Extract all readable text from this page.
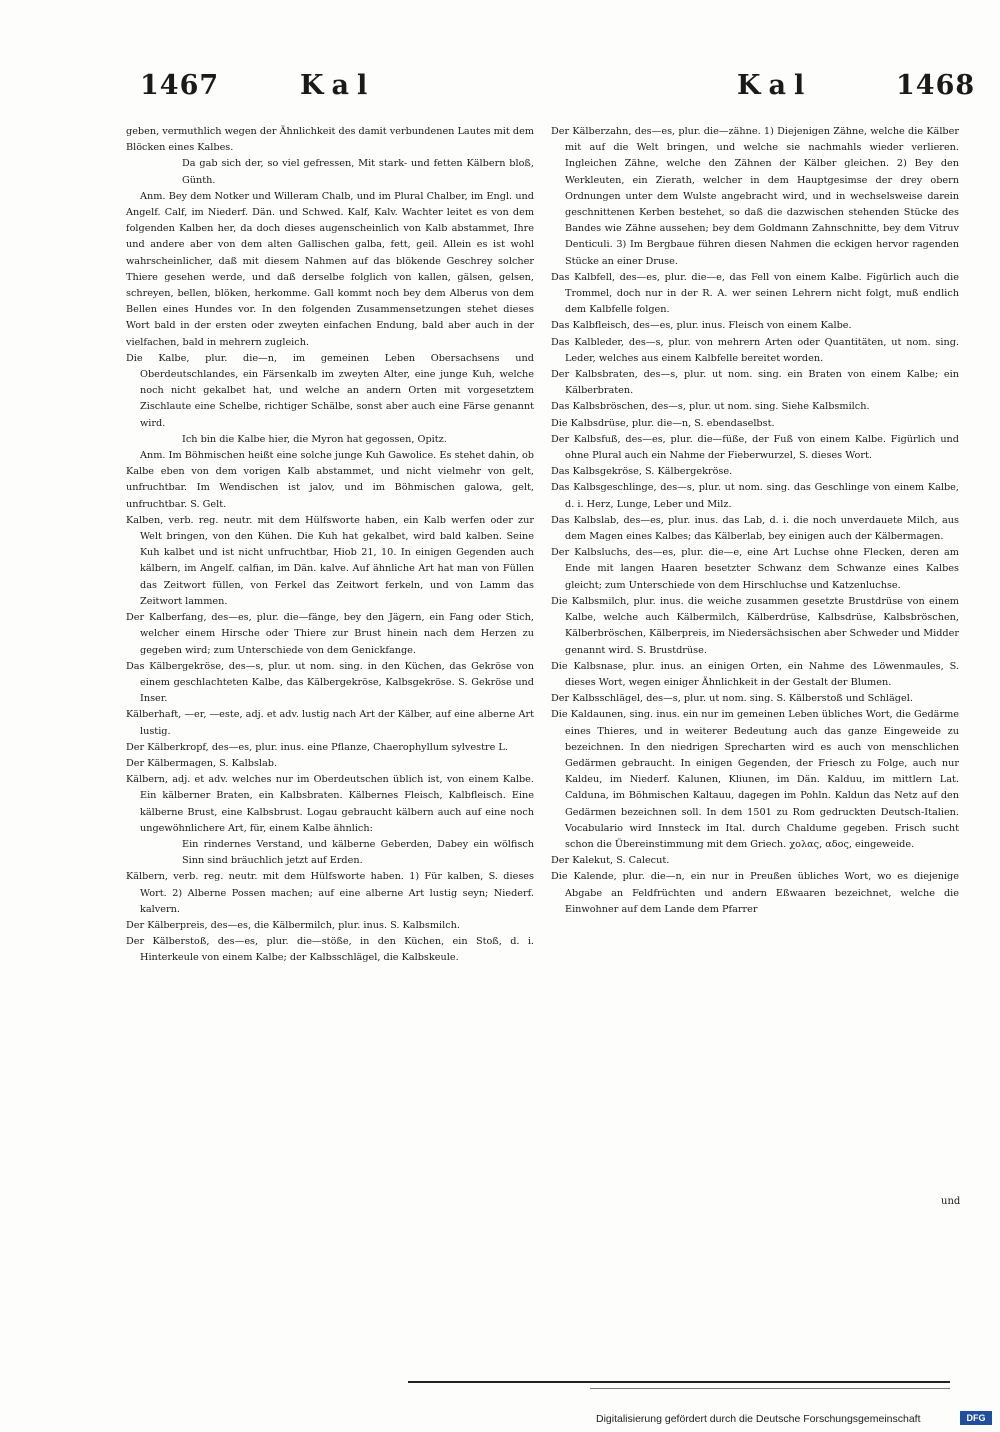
1467	Kal	Kal	1468

geben, vermuthlich wegen der Ähnlichkeit des damit verbundenen Lautes mit dem Blöcken eines Kalbes.

Da gab sich der, so viel gefressen, Mit stark- und fetten Kälbern bloß, Günth.

Anm. Bey dem Notker und Willeram Chalb, und im Plural Chalber, im Engl. und Angelf. Calf, im Niederf. Dän. und Schwed. Kalf, Kalv. Wachter leitet es von dem folgenden Kalben her, da doch dieses augenscheinlich von Kalb abstammet, Ihre und andere aber von dem alten Gallischen galba, fett, geil. Allein es ist wohl wahrscheinlicher, daß mit diesem Nahmen auf das blökende Geschrey solcher Thiere gesehen werde, und daß derselbe folglich von kallen, gälsen, gelsen, schreyen, bellen, blöken, herkomme. Gall kommt noch bey dem Alberus von dem Bellen eines Hundes vor. In den folgenden Zusammensetzungen stehet dieses Wort bald in der ersten oder zweyten einfachen Endung, bald aber auch in der vielfachen, bald in mehrern zugleich.

Die Kalbe, plur. die—n, im gemeinen Leben Obersachsens und Oberdeutschlandes, ein Färsenkalb im zweyten Alter, eine junge Kuh, welche noch nicht gekalbet hat, und welche an andern Orten mit vorgesetztem Zischlaute eine Schelbe, richtiger Schälbe, sonst aber auch eine Färse genannt wird.

Ich bin die Kalbe hier, die Myron hat gegossen, Opitz.

Anm. Im Böhmischen heißt eine solche junge Kuh Gawolice. Es stehet dahin, ob Kalbe eben von dem vorigen Kalb abstammet, und nicht vielmehr von gelt, unfruchtbar. Im Wendischen ist jalov, und im Böhmischen galowa, gelt, unfruchtbar. S. Gelt.

Kalben, verb. reg. neutr. mit dem Hülfsworte haben, ein Kalb werfen oder zur Welt bringen, von den Kühen. Die Kuh hat gekalbet, wird bald kalben. Seine Kuh kalbet und ist nicht unfruchtbar, Hiob 21, 10. In einigen Gegenden auch kälbern, im Angelf. calfian, im Dän. kalve. Auf ähnliche Art hat man von Füllen das Zeitwort füllen, von Ferkel das Zeitwort ferkeln, und von Lamm das Zeitwort lammen.

Der Kalberfang, des—es, plur. die—fänge, bey den Jägern, ein Fang oder Stich, welcher einem Hirsche oder Thiere zur Brust hinein nach dem Herzen zu gegeben wird; zum Unterschiede von dem Genickfange.

Das Kälbergekröse, des—s, plur. ut nom. sing. in den Küchen, das Gekröse von einem geschlachteten Kalbe, das Kälbergekröse, Kalbsgekröse. S. Gekröse und Inser.

Kälberhaft, —er, —este, adj. et adv. lustig nach Art der Kälber, auf eine alberne Art lustig.

Der Kälberkropf, des—es, plur. inus. eine Pflanze, Chaerophyllum sylvestre L.

Der Kälbermagen, S. Kalbslab.

Kälbern, adj. et adv. welches nur im Oberdeutschen üblich ist, von einem Kalbe. Ein kälberner Braten, ein Kalbsbraten. Kälbernes Fleisch, Kalbfleisch. Eine kälberne Brust, eine Kalbsbrust. Logau gebraucht kälbern auch auf eine noch ungewöhnlichere Art, für, einem Kalbe ähnlich:

Ein rindernes Verstand, und kälberne Geberden, Dabey ein wölfisch Sinn sind bräuchlich jetzt auf Erden.

Kälbern, verb. reg. neutr. mit dem Hülfsworte haben. 1) Für kalben, S. dieses Wort. 2) Alberne Possen machen; auf eine alberne Art lustig seyn; Niederf. kalvern.

Der Kälberpreis, des—es, die Kälbermilch, plur. inus. S. Kalbsmilch.

Der Kälberstoß, des—es, plur. die—stöße, in den Küchen, ein Stoß, d. i. Hinterkeule von einem Kalbe; der Kalbsschlägel, die Kalbskeule.

Der Kälberzahn, des—es, plur. die—zähne. 1) Diejenigen Zähne, welche die Kälber mit auf die Welt bringen, und welche sie nachmahls wieder verlieren. Ingleichen Zähne, welche den Zähnen der Kälber gleichen. 2) Bey den Werkleuten, ein Zierath, welcher in dem Hauptgesimse der drey obern Ordnungen unter dem Wulste angebracht wird, und in wechselsweise darein geschnittenen Kerben bestehet, so daß die dazwischen stehenden Stücke des Bandes wie Zähne aussehen; bey dem Goldmann Zahnschnitte, bey dem Vitruv Denticuli. 3) Im Bergbaue führen diesen Nahmen die eckigen hervor ragenden Stücke an einer Druse.

Das Kalbfell, des—es, plur. die—e, das Fell von einem Kalbe. Figürlich auch die Trommel, doch nur in der R. A. wer seinen Lehrern nicht folgt, muß endlich dem Kalbfelle folgen.

Das Kalbfleisch, des—es, plur. inus. Fleisch von einem Kalbe.

Das Kalbleder, des—s, plur. von mehrern Arten oder Quantitäten, ut nom. sing. Leder, welches aus einem Kalbfelle bereitet worden.

Der Kalbsbraten, des—s, plur. ut nom. sing. ein Braten von einem Kalbe; ein Kälberbraten.

Das Kalbsbröschen, des—s, plur. ut nom. sing. Siehe Kalbsmilch.

Die Kalbsdrüse, plur. die—n, S. ebendaselbst.

Der Kalbsfuß, des—es, plur. die—füße, der Fuß von einem Kalbe. Figürlich und ohne Plural auch ein Nahme der Fieberwurzel, S. dieses Wort.

Das Kalbsgekröse, S. Kälbergekröse.

Das Kalbsgeschlinge, des—s, plur. ut nom. sing. das Geschlinge von einem Kalbe, d. i. Herz, Lunge, Leber und Milz.

Das Kalbslab, des—es, plur. inus. das Lab, d. i. die noch unverdauete Milch, aus dem Magen eines Kalbes; das Kälberlab, bey einigen auch der Kälbermagen.

Der Kalbsluchs, des—es, plur. die—e, eine Art Luchse ohne Flecken, deren am Ende mit langen Haaren besetzter Schwanz dem Schwanze eines Kalbes gleicht; zum Unterschiede von dem Hirschluchse und Katzenluchse.

Die Kalbsmilch, plur. inus. die weiche zusammen gesetzte Brustdrüse von einem Kalbe, welche auch Kälbermilch, Kälberdrüse, Kalbsdrüse, Kalbsbröschen, Kälberbröschen, Kälberpreis, im Niedersächsischen aber Schweder und Midder genannt wird. S. Brustdrüse.

Die Kalbsnase, plur. inus. an einigen Orten, ein Nahme des Löwenmaules, S. dieses Wort, wegen einiger Ähnlichkeit in der Gestalt der Blumen.

Der Kalbsschlägel, des—s, plur. ut nom. sing. S. Kälberstoß und Schlägel.

Die Kaldaunen, sing. inus. ein nur im gemeinen Leben übliches Wort, die Gedärme eines Thieres, und in weiterer Bedeutung auch das ganze Eingeweide zu bezeichnen. In den niedrigen Sprecharten wird es auch von menschlichen Gedärmen gebraucht. In einigen Gegenden, der Friesch zu Folge, auch nur Kaldeu, im Niederf. Kalunen, Kliunen, im Dän. Kalduu, im mittlern Lat. Calduna, im Böhmischen Kaltauu, dagegen im Pohln. Kaldun das Netz auf den Gedärmen bezeichnen soll. In dem 1501 zu Rom gedruckten Deutsch-Italien. Vocabulario wird Innsteck im Ital. durch Chaldume gegeben. Frisch sucht schon die Übereinstimmung mit dem Griech. χολας, αδος, eingeweide.

Der Kalekut, S. Calecut.

Die Kalende, plur. die—n, ein nur in Preußen übliches Wort, wo es diejenige Abgabe an Feldfrüchten und andern Eßwaaren bezeichnet, welche die Einwohner auf dem Lande dem Pfarrer

und
Digitalisierung gefördert durch die Deutsche Forschungsgemeinschaft	DFG
